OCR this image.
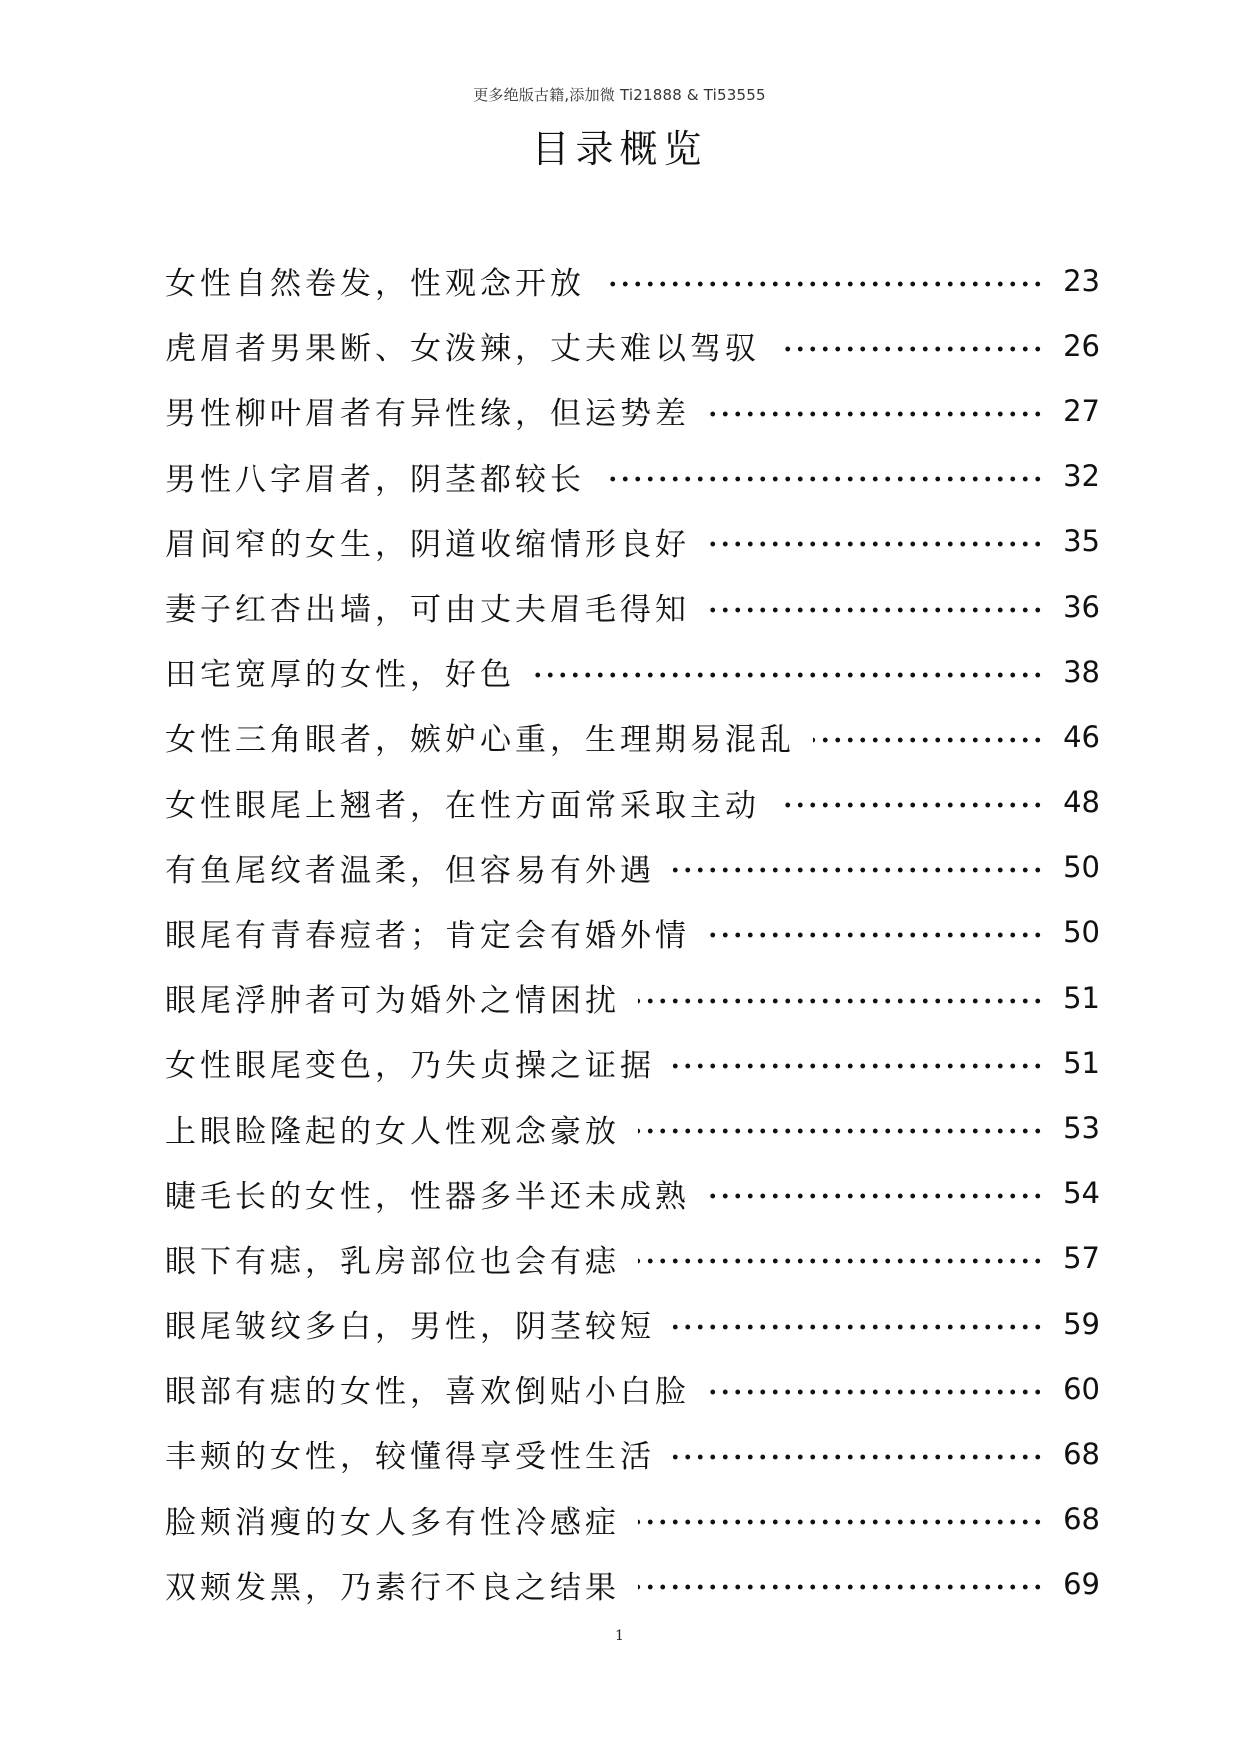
更多绝版古籍,添加微 Ti21888 & Ti53555
目录概览
女性自然卷发，性观念开放	23
虎眉者男果断、女泼辣，丈夫难以驾驭	26
男性柳叶眉者有异性缘，但运势差	27
男性八字眉者，阴茎都较长	32
眉间窄的女生，阴道收缩情形良好	35
妻子红杏出墙，可由丈夫眉毛得知	36
田宅宽厚的女性，好色	38
女性三角眼者，嫉妒心重，生理期易混乱	46
女性眼尾上翘者，在性方面常采取主动	48
有鱼尾纹者温柔，但容易有外遇	50
眼尾有青春痘者；肯定会有婚外情	50
眼尾浮肿者可为婚外之情困扰	51
女性眼尾变色，乃失贞操之证据	51
上眼睑隆起的女人性观念豪放	53
睫毛长的女性，性器多半还未成熟	54
眼下有痣，乳房部位也会有痣	57
眼尾皱纹多白，男性，阴茎较短	59
眼部有痣的女性，喜欢倒贴小白脸	60
丰颊的女性，较懂得享受性生活	68
脸颊消瘦的女人多有性冷感症	68
双颊发黑，乃素行不良之结果	69
1
